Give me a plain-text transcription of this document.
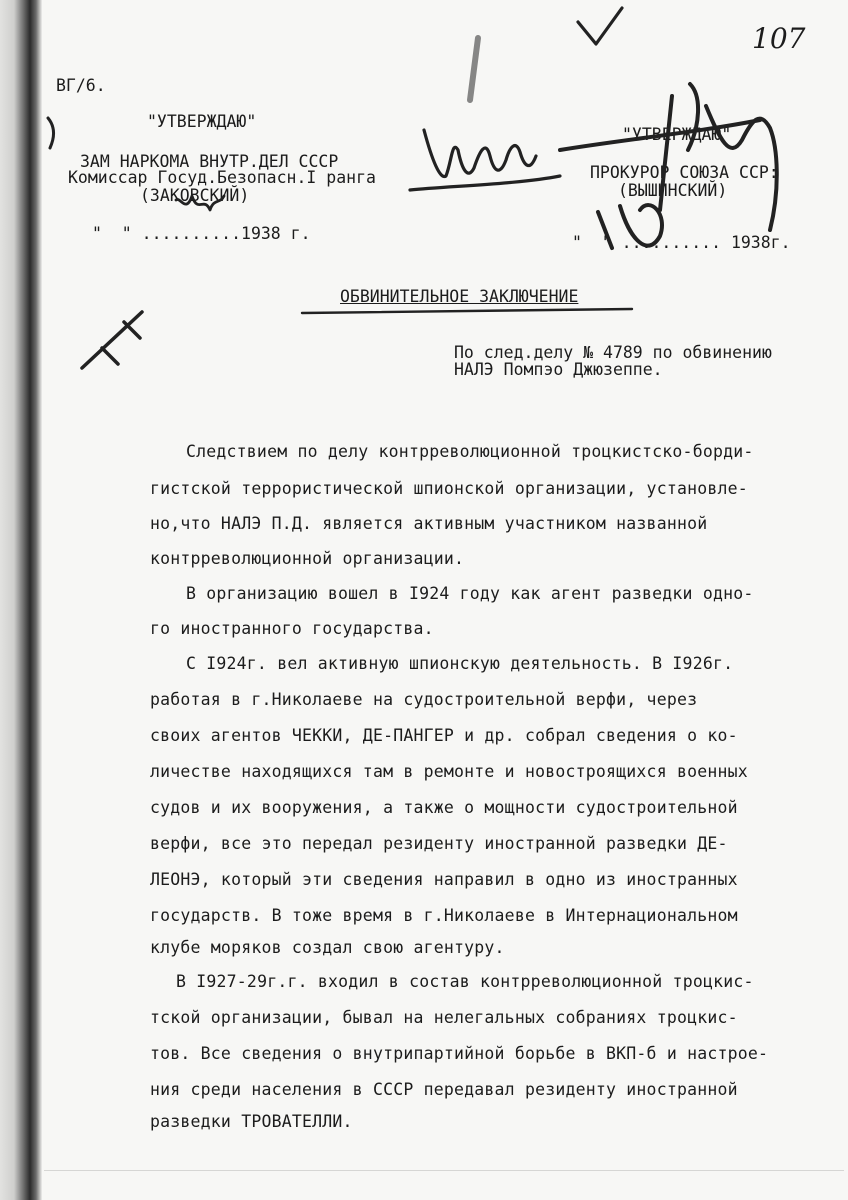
ВГ/6.
107
"УТВЕРЖДАЮ"
ЗАМ НАРКОМА ВНУТР.ДЕЛ СССР
Комиссар Госуд.Безопасн.I ранга
(ЗАКОВСКИЙ)
"  " ..........1938 г.
"УТВЕРЖДАЮ"
ПРОКУРОР СОЮЗА ССР:
(ВЫШИНСКИЙ)
"  " .......... 1938г.
ОБВИНИТЕЛЬНОЕ ЗАКЛЮЧЕНИЕ
По след.делу № 4789 по обвинению
НАЛЭ Помпэо Джюзеппе.
Следствием по делу контрреволюционной троцкистско-борди-
гистской террористической шпионской организации, установле-
но,что НАЛЭ П.Д. является активным участником названной
контрреволюционной организации.
В организацию вошел в I924 году как агент разведки одно-
го иностранного государства.
С I924г. вел активную шпионскую деятельность. В I926г.
работая в г.Николаеве на судостроительной верфи, через
своих агентов ЧЕККИ, ДЕ-ПАНГЕР и др. собрал сведения о ко-
личестве находящихся там в ремонте и новостроящихся военных
судов и их вооружения, а также о мощности судостроительной
верфи, все это передал резиденту иностранной разведки ДЕ-
ЛЕОНЭ, который эти сведения направил в одно из иностранных
государств. В тоже время в г.Николаеве в Интернациональном
клубе моряков создал свою агентуру.
В I927-29г.г. входил в состав контрреволюционной троцкис-
тской организации, бывал на нелегальных собраниях троцкис-
тов. Все сведения о внутрипартийной борьбе в ВКП-б и настрое-
ния среди населения в СССР передавал резиденту иностранной
разведки ТРОВАТЕЛЛИ.
